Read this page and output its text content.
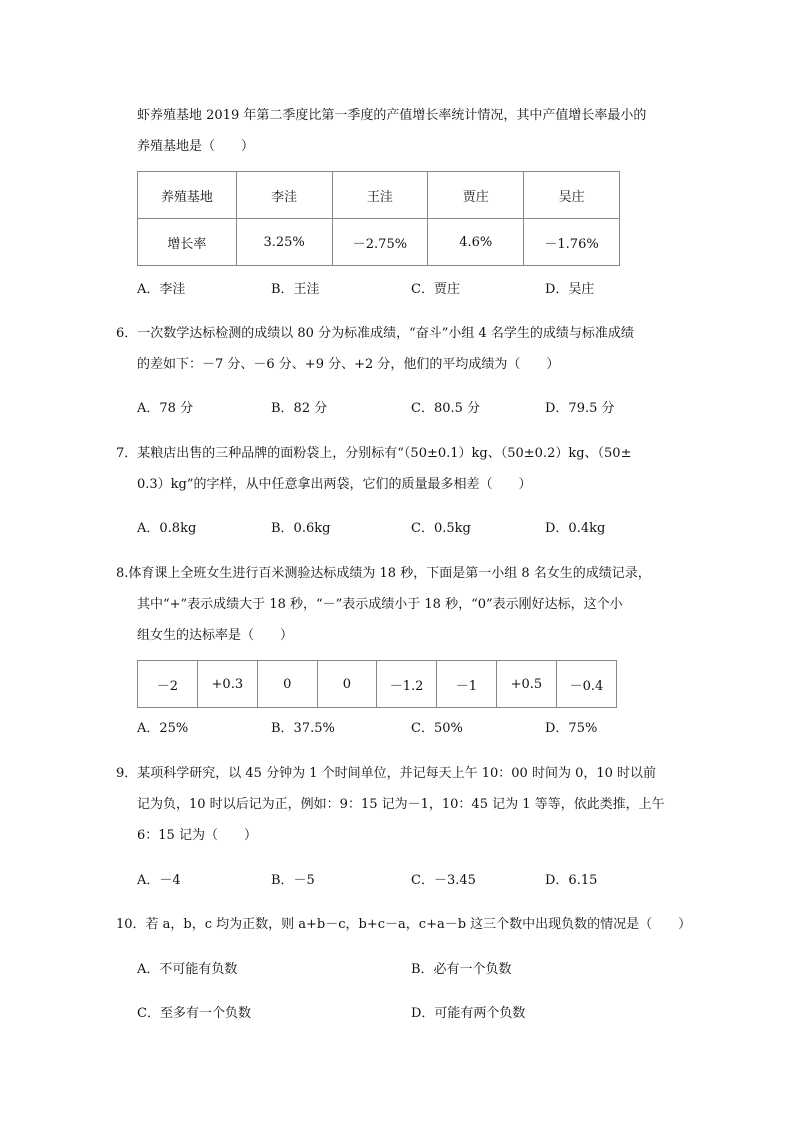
虾养殖基地 2019 年第二季度比第一季度的产值增长率统计情况，其中产值增长率最小的
养殖基地是（　　）
养殖基地	李洼	王洼	贾庄	吴庄
增长率	3.25%	－2.75%	4.6%	－1.76%
A．李洼	B．王洼	C．贾庄	D．吴庄
6．一次数学达标检测的成绩以 80 分为标准成绩，“奋斗”小组 4 名学生的成绩与标准成绩
的差如下：－7 分、－6 分、+9 分、+2 分，他们的平均成绩为（　　）
A．78 分	B．82 分	C．80.5 分	D．79.5 分
7．某粮店出售的三种品牌的面粉袋上，分别标有“（50±0.1）kg、（50±0.2）kg、（50±
0.3）kg”的字样，从中任意拿出两袋，它们的质量最多相差（　　）
A．0.8kg	B．0.6kg	C．0.5kg	D．0.4kg
8.体育课上全班女生进行百米测验达标成绩为 18 秒，下面是第一小组 8 名女生的成绩记录，
其中“+”表示成绩大于 18 秒，“－”表示成绩小于 18 秒，“0”表示刚好达标，这个小
组女生的达标率是（　　）
－2	+0.3	0	0	－1.2	－1	+0.5	－0.4
A．25%	B．37.5%	C．50%	D．75%
9．某项科学研究，以 45 分钟为 1 个时间单位，并记每天上午 10：00 时间为 0，10 时以前
记为负，10 时以后记为正，例如：9：15 记为－1，10：45 记为 1 等等，依此类推，上午
6：15 记为（　　）
A．－4	B．－5	C．－3.45	D．6.15
10．若 a，b，c 均为正数，则 a+b－c，b+c－a，c+a－b 这三个数中出现负数的情况是（　　）
A．不可能有负数	B．必有一个负数
C．至多有一个负数	D．可能有两个负数
